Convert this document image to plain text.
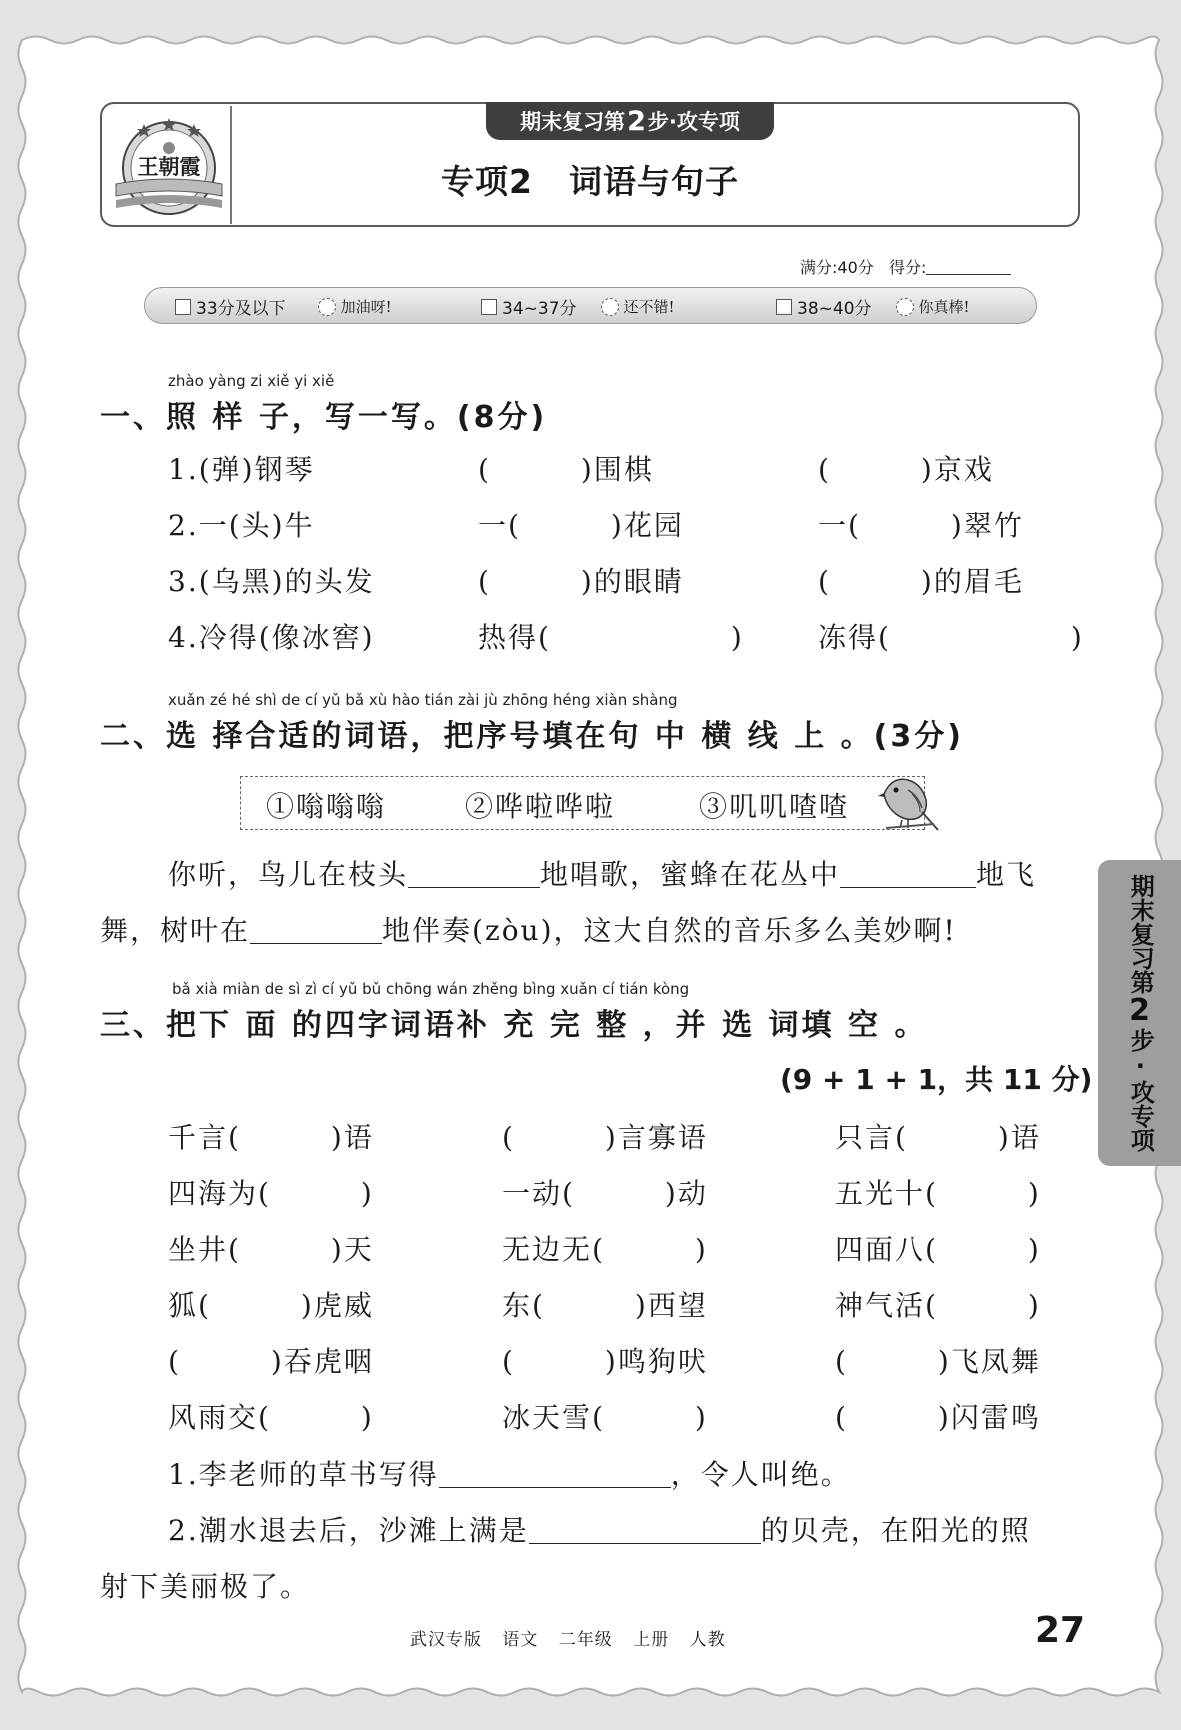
王朝霞
期末复习第 2 步·攻专项
专项2 词语与句子
满分:40分 得分:
33分及以下	加油呀!	34~37分	还不错!	38~40分	你真棒!
zhào yàng zi xiě yi xiě
一、照 样 子，写一写。(8分)
1.(弹)钢琴	(　　　)围棋	(　　　)京戏
2.一(头)牛	一(　　　)花园	一(　　　)翠竹
3.(乌黑)的头发	(　　　)的眼睛	(　　　)的眉毛
4.冷得(像冰窖)	热得(　　　　　　)	冻得(　　　　　　)
xuǎn zé hé shì de cí yǔ bǎ xù hào tián zài jù zhōng héng xiàn shàng
二、选 择合适的词语，把序号填在句 中 横 线 上 。(3分)
①嗡嗡嗡	②哗啦哗啦	③叽叽喳喳
你听，鸟儿在枝头	地唱歌，蜜蜂在花丛中	地飞
舞，树叶在	地伴奏(zòu)，这大自然的音乐多么美妙啊!
bǎ xià miàn de sì zì cí yǔ bǔ chōng wán zhěng bìng xuǎn cí tián kòng
三、把下 面 的四字词语补 充 完 整 ，并 选 词填 空 。
(9 + 1 + 1，共 11 分)
千言(　　　)语	(　　　)言寡语	只言(　　　)语
四海为(　　　)	一动(　　　)动	五光十(　　　)
坐井(　　　)天	无边无(　　　)	四面八(　　　)
狐(　　　)虎威	东(　　　)西望	神气活(　　　)
(　　　)吞虎咽	(　　　)鸣狗吠	(　　　)飞凤舞
风雨交(　　　)	冰天雪(　　　)	(　　　)闪雷鸣
1.李老师的草书写得	，令人叫绝。
2.潮水退去后，沙滩上满是	的贝壳，在阳光的照
射下美丽极了。
期末复习第
2
步·攻专项
武汉专版 语文 二年级 上册 人教	27
